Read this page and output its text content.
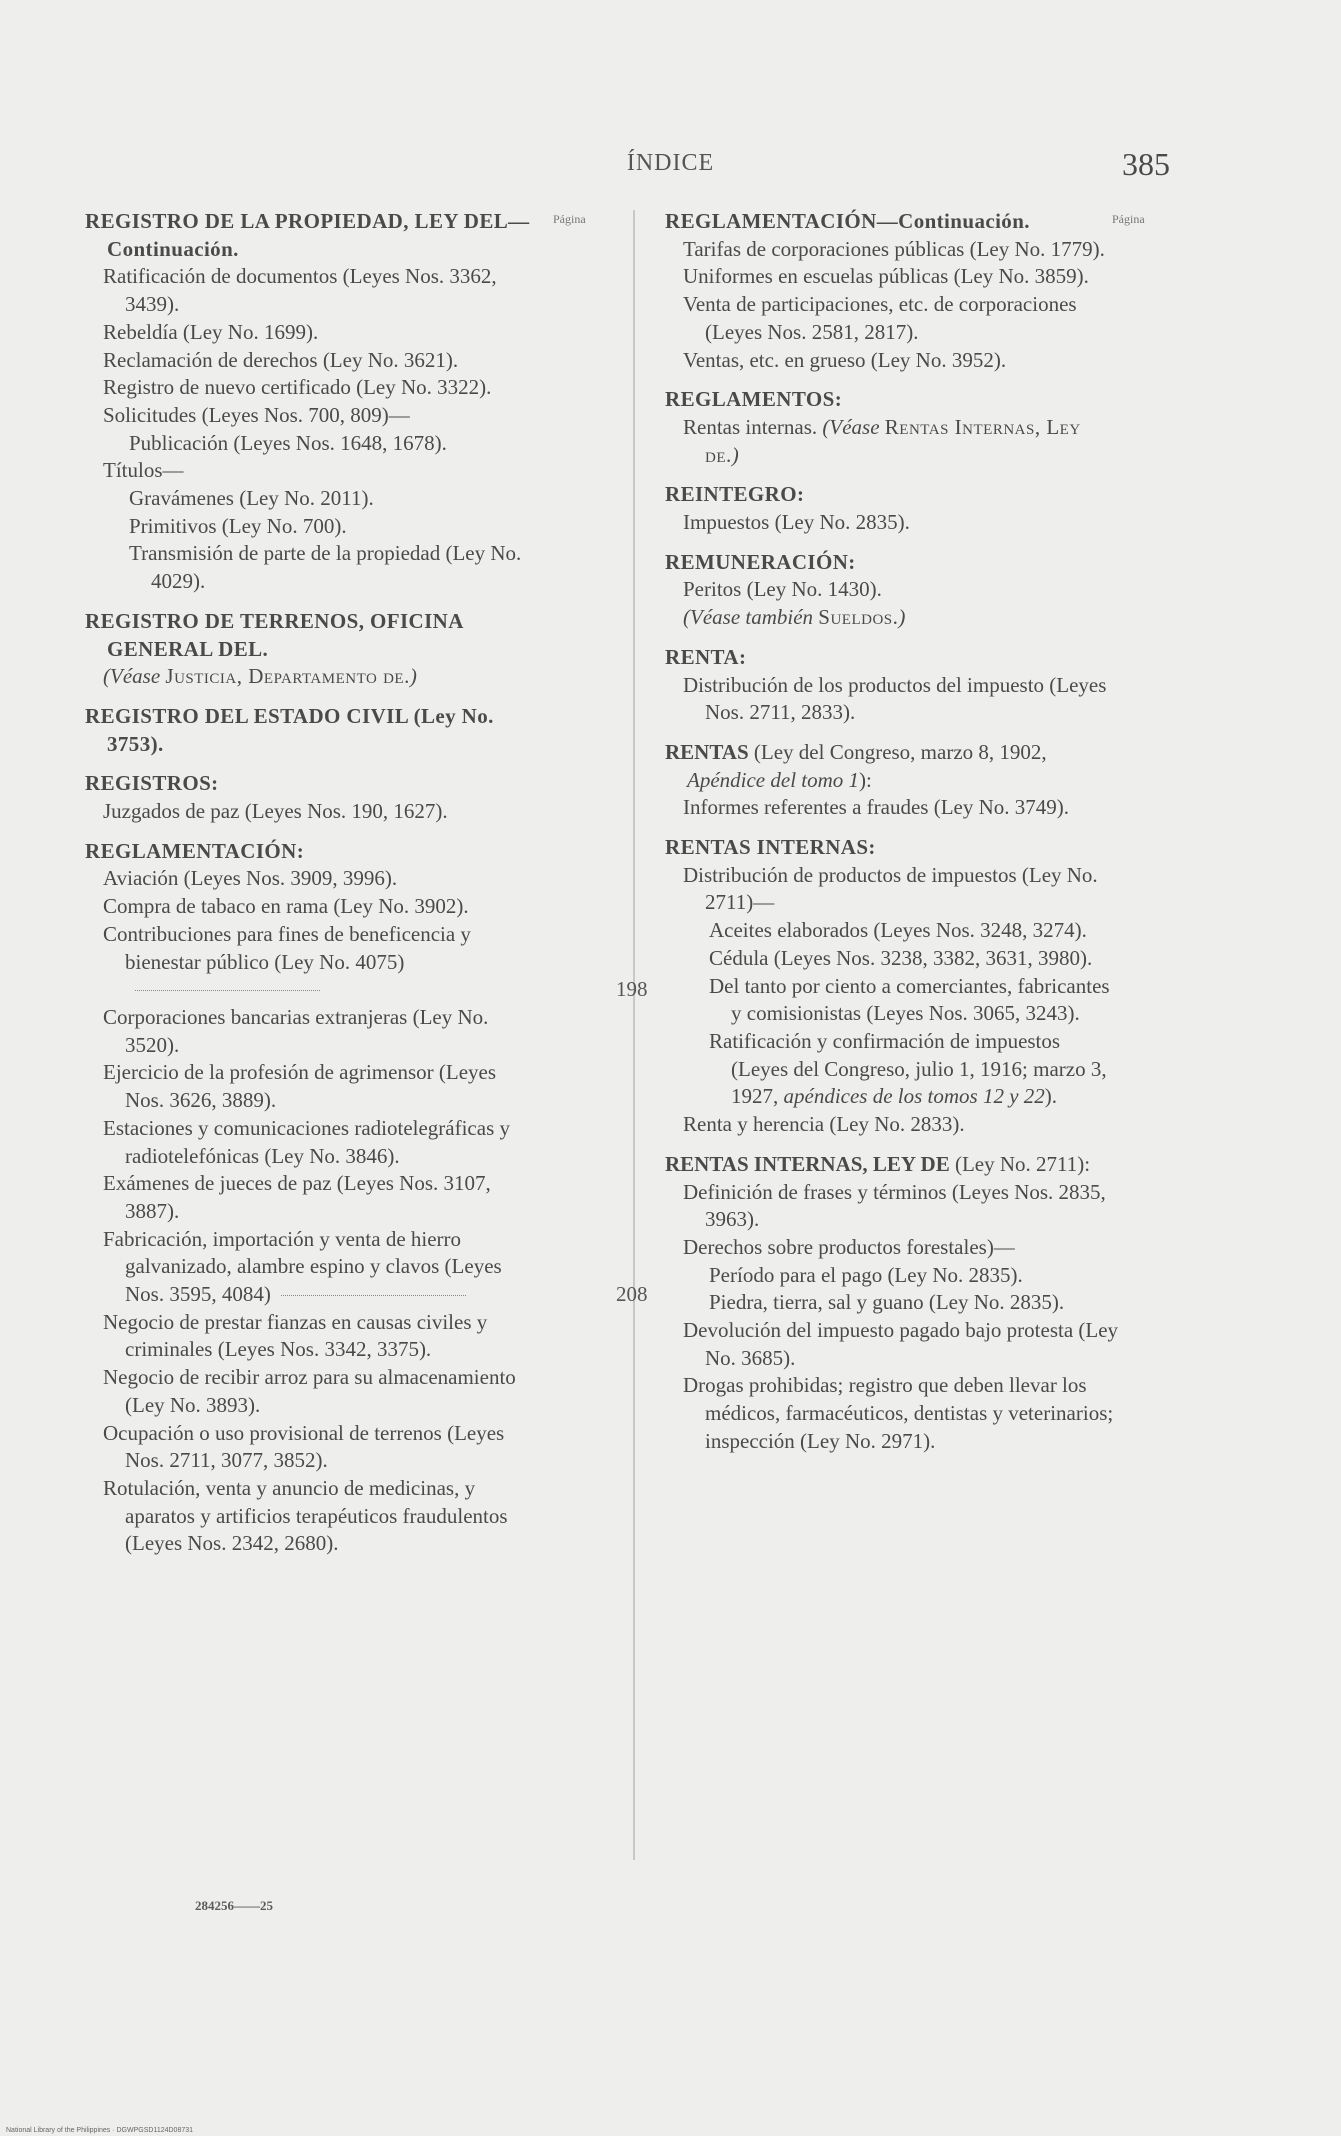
ÍNDICE	385
Página	Página
REGISTRO DE LA PROPIEDAD, LEY DEL—Continuación.
Ratificación de documentos (Leyes Nos. 3362, 3439).
Rebeldía (Ley No. 1699).
Reclamación de derechos (Ley No. 3621).
Registro de nuevo certificado (Ley No. 3322).
Solicitudes (Leyes Nos. 700, 809)—
Publicación (Leyes Nos. 1648, 1678).
Títulos—
Gravámenes (Ley No. 2011).
Primitivos (Ley No. 700).
Transmisión de parte de la propiedad (Ley No. 4029).
REGISTRO DE TERRENOS, OFICINA GENERAL DEL.
(Véase Justicia, Departamento de.)
REGISTRO DEL ESTADO CIVIL (Ley No. 3753).
REGISTROS:
Juzgados de paz (Leyes Nos. 190, 1627).
REGLAMENTACIÓN:
Aviación (Leyes Nos. 3909, 3996).
Compra de tabaco en rama (Ley No. 3902).
Contribuciones para fines de beneficencia y bienestar público (Ley No. 4075)
198
Corporaciones bancarias extranjeras (Ley No. 3520).
Ejercicio de la profesión de agrimensor (Leyes Nos. 3626, 3889).
Estaciones y comunicaciones radiotelegráficas y radiotelefónicas (Ley No. 3846).
Exámenes de jueces de paz (Leyes Nos. 3107, 3887).
Fabricación, importación y venta de hierro galvanizado, alambre espino y clavos (Leyes Nos. 3595, 4084)	208
Negocio de prestar fianzas en causas civiles y criminales (Leyes Nos. 3342, 3375).
Negocio de recibir arroz para su almacenamiento (Ley No. 3893).
Ocupación o uso provisional de terrenos (Leyes Nos. 2711, 3077, 3852).
Rotulación, venta y anuncio de medicinas, y aparatos y artificios terapéuticos fraudulentos (Leyes Nos. 2342, 2680).
REGLAMENTACIÓN—Continuación.
Tarifas de corporaciones públicas (Ley No. 1779).
Uniformes en escuelas públicas (Ley No. 3859).
Venta de participaciones, etc. de corporaciones (Leyes Nos. 2581, 2817).
Ventas, etc. en grueso (Ley No. 3952).
REGLAMENTOS:
Rentas internas. (Véase Rentas Internas, Ley de.)
REINTEGRO:
Impuestos (Ley No. 2835).
REMUNERACIÓN:
Peritos (Ley No. 1430).
(Véase también Sueldos.)
RENTA:
Distribución de los productos del impuesto (Leyes Nos. 2711, 2833).
RENTAS (Ley del Congreso, marzo 8, 1902, Apéndice del tomo 1):
Informes referentes a fraudes (Ley No. 3749).
RENTAS INTERNAS:
Distribución de productos de impuestos (Ley No. 2711)—
Aceites elaborados (Leyes Nos. 3248, 3274).
Cédula (Leyes Nos. 3238, 3382, 3631, 3980).
Del tanto por ciento a comerciantes, fabricantes y comisionistas (Leyes Nos. 3065, 3243).
Ratificación y confirmación de impuestos (Leyes del Congreso, julio 1, 1916; marzo 3, 1927, apéndices de los tomos 12 y 22).
Renta y herencia (Ley No. 2833).
RENTAS INTERNAS, LEY DE (Ley No. 2711):
Definición de frases y términos (Leyes Nos. 2835, 3963).
Derechos sobre productos forestales)—
Período para el pago (Ley No. 2835).
Piedra, tierra, sal y guano (Ley No. 2835).
Devolución del impuesto pagado bajo protesta (Ley No. 3685).
Drogas prohibidas; registro que deben llevar los médicos, farmacéuticos, dentistas y veterinarios; inspección (Ley No. 2971).
284256——25
National Library of the Philippines · DGWPGSD1124D08731
